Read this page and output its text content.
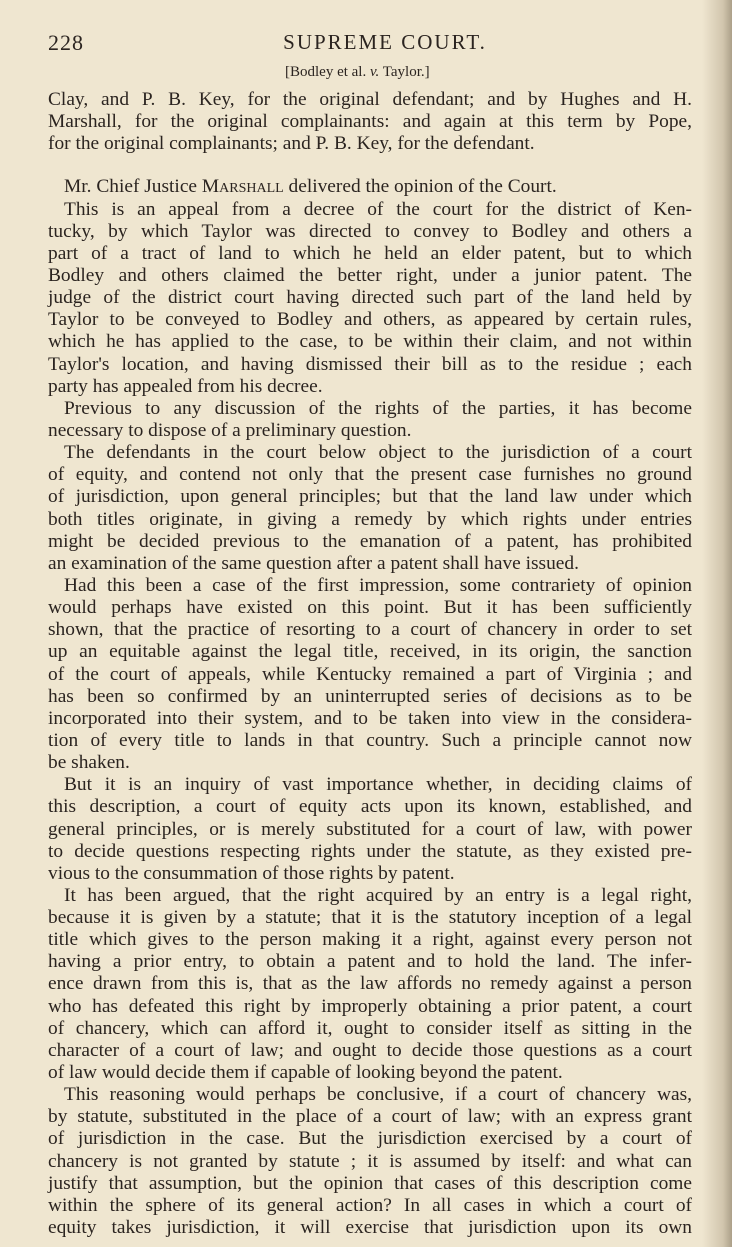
228	SUPREME COURT.
[Bodley et al. v. Taylor.]
Clay, and P. B. Key, for the original defendant; and by Hughes and H.
Marshall, for the original complainants: and again at this term by Pope,
for the original complainants; and P. B. Key, for the defendant.
Mr. Chief Justice Marshall delivered the opinion of the Court.
This is an appeal from a decree of the court for the district of Ken-
tucky, by which Taylor was directed to convey to Bodley and others a
part of a tract of land to which he held an elder patent, but to which
Bodley and others claimed the better right, under a junior patent. The
judge of the district court having directed such part of the land held by
Taylor to be conveyed to Bodley and others, as appeared by certain rules,
which he has applied to the case, to be within their claim, and not within
Taylor's location, and having dismissed their bill as to the residue ; each
party has appealed from his decree.
Previous to any discussion of the rights of the parties, it has become
necessary to dispose of a preliminary question.
The defendants in the court below object to the jurisdiction of a court
of equity, and contend not only that the present case furnishes no ground
of jurisdiction, upon general principles; but that the land law under which
both titles originate, in giving a remedy by which rights under entries
might be decided previous to the emanation of a patent, has prohibited
an examination of the same question after a patent shall have issued.
Had this been a case of the first impression, some contrariety of opinion
would perhaps have existed on this point. But it has been sufficiently
shown, that the practice of resorting to a court of chancery in order to set
up an equitable against the legal title, received, in its origin, the sanction
of the court of appeals, while Kentucky remained a part of Virginia ; and
has been so confirmed by an uninterrupted series of decisions as to be
incorporated into their system, and to be taken into view in the considera-
tion of every title to lands in that country. Such a principle cannot now
be shaken.
But it is an inquiry of vast importance whether, in deciding claims of
this description, a court of equity acts upon its known, established, and
general principles, or is merely substituted for a court of law, with power
to decide questions respecting rights under the statute, as they existed pre-
vious to the consummation of those rights by patent.
It has been argued, that the right acquired by an entry is a legal right,
because it is given by a statute; that it is the statutory inception of a legal
title which gives to the person making it a right, against every person not
having a prior entry, to obtain a patent and to hold the land. The infer-
ence drawn from this is, that as the law affords no remedy against a person
who has defeated this right by improperly obtaining a prior patent, a court
of chancery, which can afford it, ought to consider itself as sitting in the
character of a court of law; and ought to decide those questions as a court
of law would decide them if capable of looking beyond the patent.
This reasoning would perhaps be conclusive, if a court of chancery was,
by statute, substituted in the place of a court of law; with an express grant
of jurisdiction in the case. But the jurisdiction exercised by a court of
chancery is not granted by statute ; it is assumed by itself: and what can
justify that assumption, but the opinion that cases of this description come
within the sphere of its general action? In all cases in which a court of
equity takes jurisdiction, it will exercise that jurisdiction upon its own
